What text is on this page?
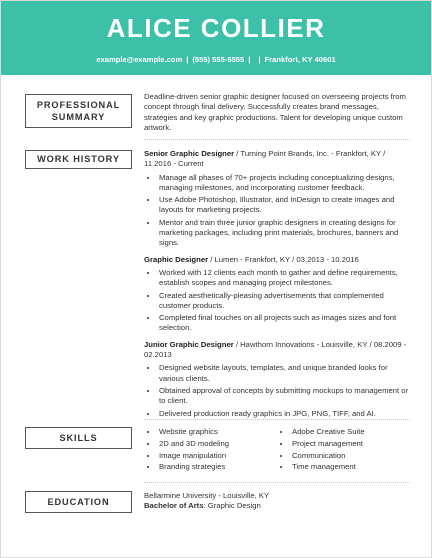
ALICE COLLIER
example@example.com | (555) 555-5555 | | Frankfort, KY 40601
PROFESSIONAL
SUMMARY
Deadline-driven senior graphic designer focused on overseeing projects from concept through final delivery. Successfully creates brand messages, strategies and key graphic productions. Talent for developing unique custom artwork.
WORK HISTORY
Senior Graphic Designer / Turning Point Brands, Inc. - Frankfort, KY / 11.2016 - Current
• Manage all phases of 70+ projects including conceptualizing designs, managing milestones, and incorporating customer feedback.
• Use Adobe Photoshop, Illustrator, and InDesign to create images and layouts for marketing projects.
• Mentor and train three junior graphic designers in creating designs for marketing packages, including print materials, brochures, banners and signs.
Graphic Designer / Lumen - Frankfort, KY / 03.2013 - 10.2016
• Worked with 12 clients each month to gather and define requirements, establish scopes and managing project milestones.
• Created aesthetically-pleasing advertisements that complemented customer products.
• Completed final touches on all projects such as images sizes and font selection.
Junior Graphic Designer / Hawthorn Innovations - Louisville, KY / 08.2009 - 02.2013
• Designed website layouts, templates, and unique branded looks for various clients.
• Obtained approval of concepts by submitting mockups to management or to client.
• Delivered production ready graphics in JPG, PNG, TIFF, and AI.
SKILLS
• Website graphics
• 2D and 3D modeling
• Image manipulation
• Branding strategies
• Adobe Creative Suite
• Project management
• Communication
• Time management
EDUCATION
Bellarmine University - Louisville, KY
Bachelor of Arts: Graphic Design
